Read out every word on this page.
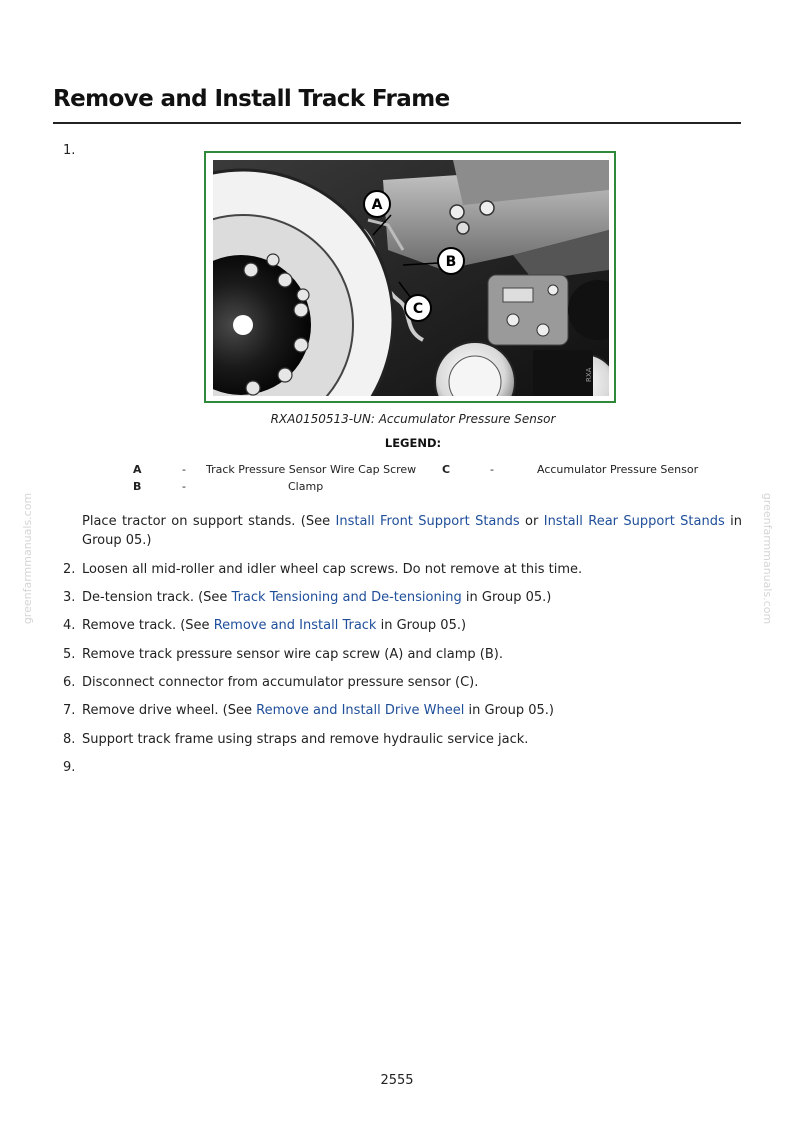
Remove and Install Track Frame
1.
A
B
C
RXA
RXA0150513-UN: Accumulator Pressure Sensor
LEGEND:
A	- Track Pressure Sensor Wire Cap Screw C	-	Accumulator Pressure Sensor
B	-	Clamp
greenfarmmanuals.com	greenfarmmanuals.com
Place tractor on support stands. (See Install Front Support Stands or Install Rear Support Stands in Group 05.)
2. Loosen all mid-roller and idler wheel cap screws. Do not remove at this time.
3. De-tension track. (See Track Tensioning and De-tensioning in Group 05.)
4. Remove track. (See Remove and Install Track in Group 05.)
5. Remove track pressure sensor wire cap screw (A) and clamp (B).
6. Disconnect connector from accumulator pressure sensor (C).
7. Remove drive wheel. (See Remove and Install Drive Wheel in Group 05.)
8. Support track frame using straps and remove hydraulic service jack.
9.
2555
